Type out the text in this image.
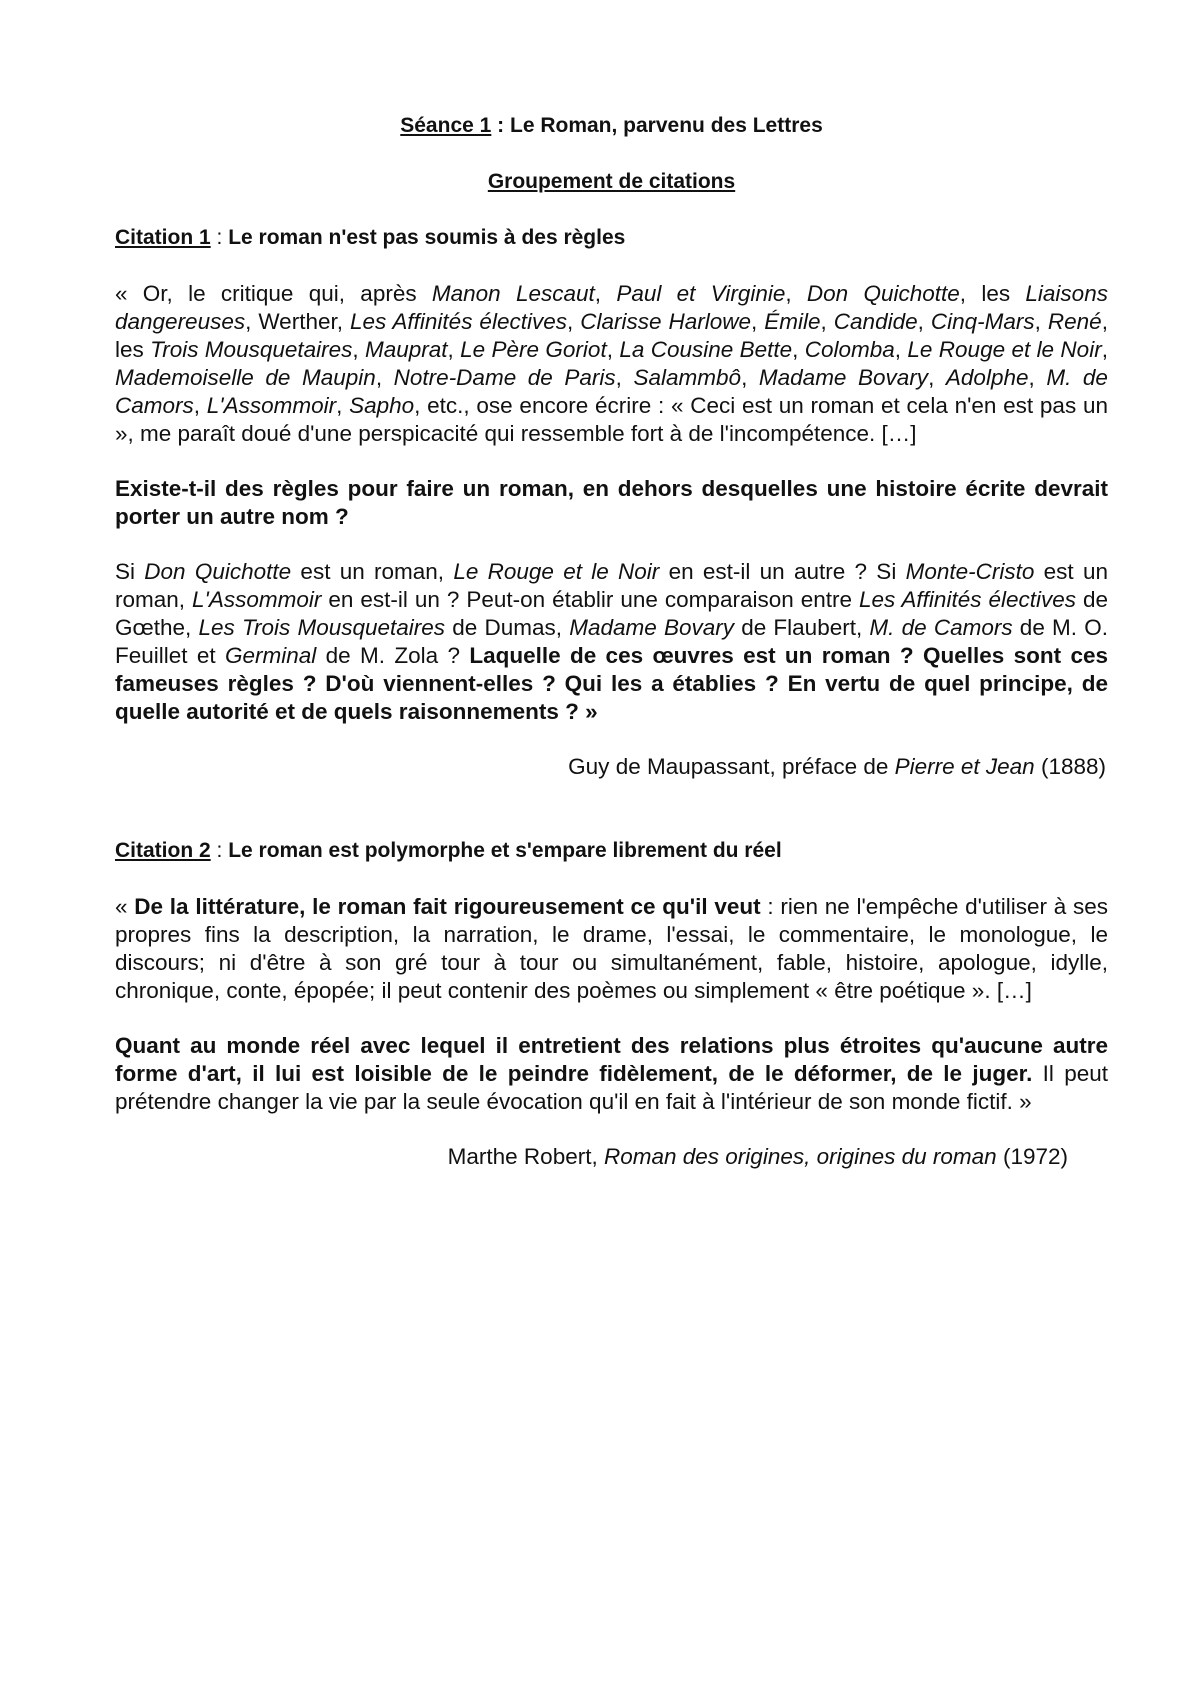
Séance 1 : Le Roman, parvenu des Lettres

Groupement de citations

Citation 1 : Le roman n'est pas soumis à des règles

« Or, le critique qui, après Manon Lescaut, Paul et Virginie, Don Quichotte, les Liaisons dangereuses, Werther, Les Affinités électives, Clarisse Harlowe, Émile, Candide, Cinq-Mars, René, les Trois Mousquetaires, Mauprat, Le Père Goriot, La Cousine Bette, Colomba, Le Rouge et le Noir, Mademoiselle de Maupin, Notre-Dame de Paris, Salammbô, Madame Bovary, Adolphe, M. de Camors, L'Assommoir, Sapho, etc., ose encore écrire : « Ceci est un roman et cela n'en est pas un », me paraît doué d'une perspicacité qui ressemble fort à de l'incompétence. […]

Existe-t-il des règles pour faire un roman, en dehors desquelles une histoire écrite devrait porter un autre nom ?

Si Don Quichotte est un roman, Le Rouge et le Noir en est-il un autre ? Si Monte-Cristo est un roman, L'Assommoir en est-il un ? Peut-on établir une comparaison entre Les Affinités électives de Gœthe, Les Trois Mousquetaires de Dumas, Madame Bovary de Flaubert, M. de Camors de M. O. Feuillet et Germinal de M. Zola ? Laquelle de ces œuvres est un roman ? Quelles sont ces fameuses règles ? D'où viennent-elles ? Qui les a établies ? En vertu de quel principe, de quelle autorité et de quels raisonnements ? »

Guy de Maupassant, préface de Pierre et Jean (1888)

Citation 2 : Le roman est polymorphe et s'empare librement du réel

« De la littérature, le roman fait rigoureusement ce qu'il veut : rien ne l'empêche d'utiliser à ses propres fins la description, la narration, le drame, l'essai, le commentaire, le monologue, le discours; ni d'être à son gré tour à tour ou simultanément, fable, histoire, apologue, idylle, chronique, conte, épopée; il peut contenir des poèmes ou simplement « être poétique ». […]

Quant au monde réel avec lequel il entretient des relations plus étroites qu'aucune autre forme d'art, il lui est loisible de le peindre fidèlement, de le déformer, de le juger. Il peut prétendre changer la vie par la seule évocation qu'il en fait à l'intérieur de son monde fictif. »

Marthe Robert, Roman des origines, origines du roman (1972)
